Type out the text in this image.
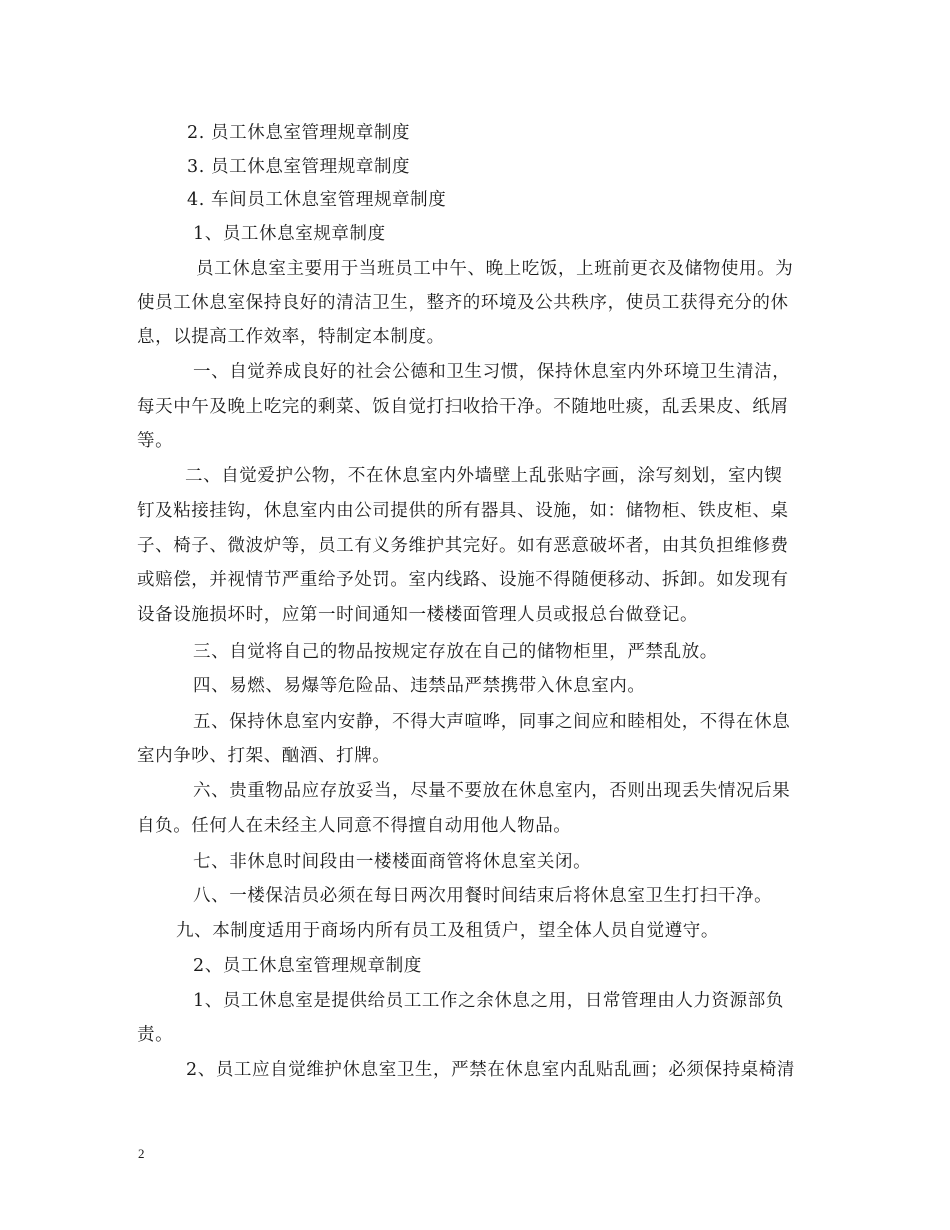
2. 员工休息室管理规章制度
3. 员工休息室管理规章制度
4. 车间员工休息室管理规章制度
1、员工休息室规章制度
员工休息室主要用于当班员工中午、晚上吃饭，上班前更衣及储物使用。为
使员工休息室保持良好的清洁卫生，整齐的环境及公共秩序，使员工获得充分的休
息，以提高工作效率，特制定本制度。
一、自觉养成良好的社会公德和卫生习惯，保持休息室内外环境卫生清洁，
每天中午及晚上吃完的剩菜、饭自觉打扫收拾干净。不随地吐痰，乱丢果皮、纸屑
等。
二、自觉爱护公物，不在休息室内外墙壁上乱张贴字画，涂写刻划，室内锲
钉及粘接挂钩，休息室内由公司提供的所有器具、设施，如：储物柜、铁皮柜、桌
子、椅子、微波炉等，员工有义务维护其完好。如有恶意破坏者，由其负担维修费
或赔偿，并视情节严重给予处罚。室内线路、设施不得随便移动、拆卸。如发现有
设备设施损坏时，应第一时间通知一楼楼面管理人员或报总台做登记。
三、自觉将自己的物品按规定存放在自己的储物柜里，严禁乱放。
四、易燃、易爆等危险品、违禁品严禁携带入休息室内。
五、保持休息室内安静，不得大声喧哗，同事之间应和睦相处，不得在休息
室内争吵、打架、酗酒、打牌。
六、贵重物品应存放妥当，尽量不要放在休息室内，否则出现丢失情况后果
自负。任何人在未经主人同意不得擅自动用他人物品。
七、非休息时间段由一楼楼面商管将休息室关闭。
八、一楼保洁员必须在每日两次用餐时间结束后将休息室卫生打扫干净。
九、本制度适用于商场内所有员工及租赁户，望全体人员自觉遵守。
2、员工休息室管理规章制度
1、员工休息室是提供给员工工作之余休息之用，日常管理由人力资源部负
责。
2、员工应自觉维护休息室卫生，严禁在休息室内乱贴乱画；必须保持桌椅清
2
